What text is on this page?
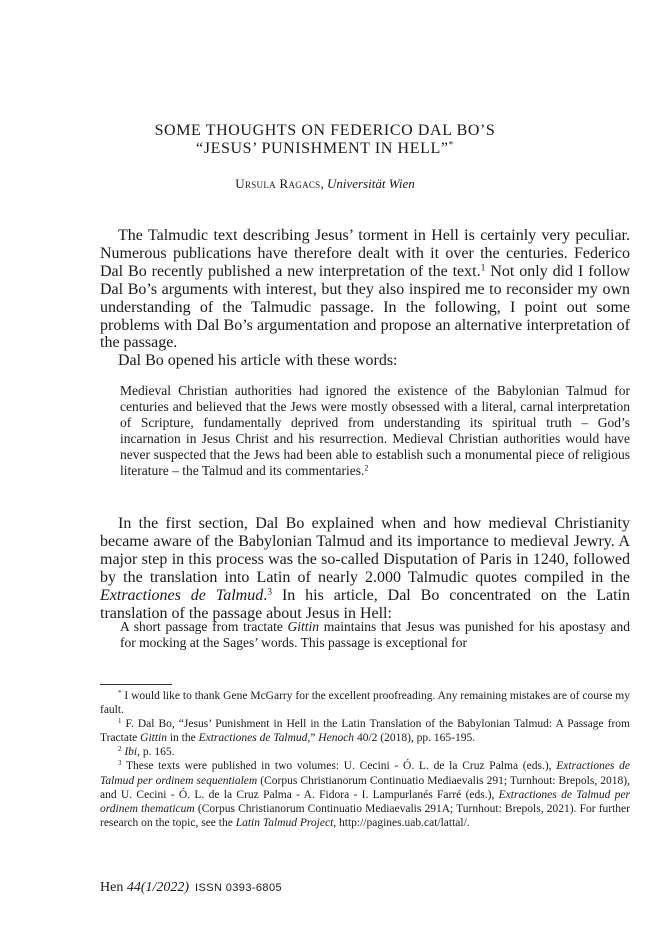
SOME THOUGHTS ON FEDERICO DAL BO’S
“JESUS’ PUNISHMENT IN HELL”*
Ursula Ragacs, Universität Wien

The Talmudic text describing Jesus’ torment in Hell is certainly very peculiar. Numerous publications have therefore dealt with it over the centuries. Federico Dal Bo recently published a new interpretation of the text.$^1$ Not only did I follow Dal Bo’s arguments with interest, but they also inspired me to reconsider my own understanding of the Talmudic passage. In the following, I point out some problems with Dal Bo’s argumentation and propose an alternative interpretation of the passage.

Dal Bo opened his article with these words:

Medieval Christian authorities had ignored the existence of the Babylonian Talmud for centuries and believed that the Jews were mostly obsessed with a literal, carnal interpretation of Scripture, fundamentally deprived from understanding its spiritual truth – God’s incarnation in Jesus Christ and his resurrection. Medieval Christian authorities would have never suspected that the Jews had been able to establish such a monumental piece of religious literature – the Talmud and its commentaries.$^2$

In the first section, Dal Bo explained when and how medieval Christianity became aware of the Babylonian Talmud and its importance to medieval Jewry. A major step in this process was the so-called Disputation of Paris in 1240, followed by the translation into Latin of nearly 2.000 Talmudic quotes compiled in the Extractiones de Talmud.$^3$ In his article, Dal Bo concentrated on the Latin translation of the passage about Jesus in Hell:

A short passage from tractate Gittin maintains that Jesus was punished for his apostasy and for mocking at the Sages’ words. This passage is exceptional for

* I would like to thank Gene McGarry for the excellent proofreading. Any remaining mistakes are of course my fault.

$^1$ F. Dal Bo, “Jesus’ Punishment in Hell in the Latin Translation of the Babylonian Talmud: A Passage from Tractate Gittin in the Extractiones de Talmud,” Henoch 40/2 (2018), pp. 165-195.

$^2$ Ibi, p. 165.

$^3$ These texts were published in two volumes: U. Cecini - Ó. L. de la Cruz Palma (eds.), Extractiones de Talmud per ordinem sequentialem (Corpus Christianorum Continuatio Mediaevalis 291; Turnhout: Brepols, 2018), and U. Cecini - Ó. L. de la Cruz Palma - A. Fidora - I. Lampurlanés Farré (eds.), Extractiones de Talmud per ordinem thematicum (Corpus Christianorum Continuatio Mediaevalis 291A; Turnhout: Brepols, 2021). For further research on the topic, see the Latin Talmud Project, http://pagines.uab.cat/lattal/.

Hen 44(1/2022) ISSN 0393-6805
